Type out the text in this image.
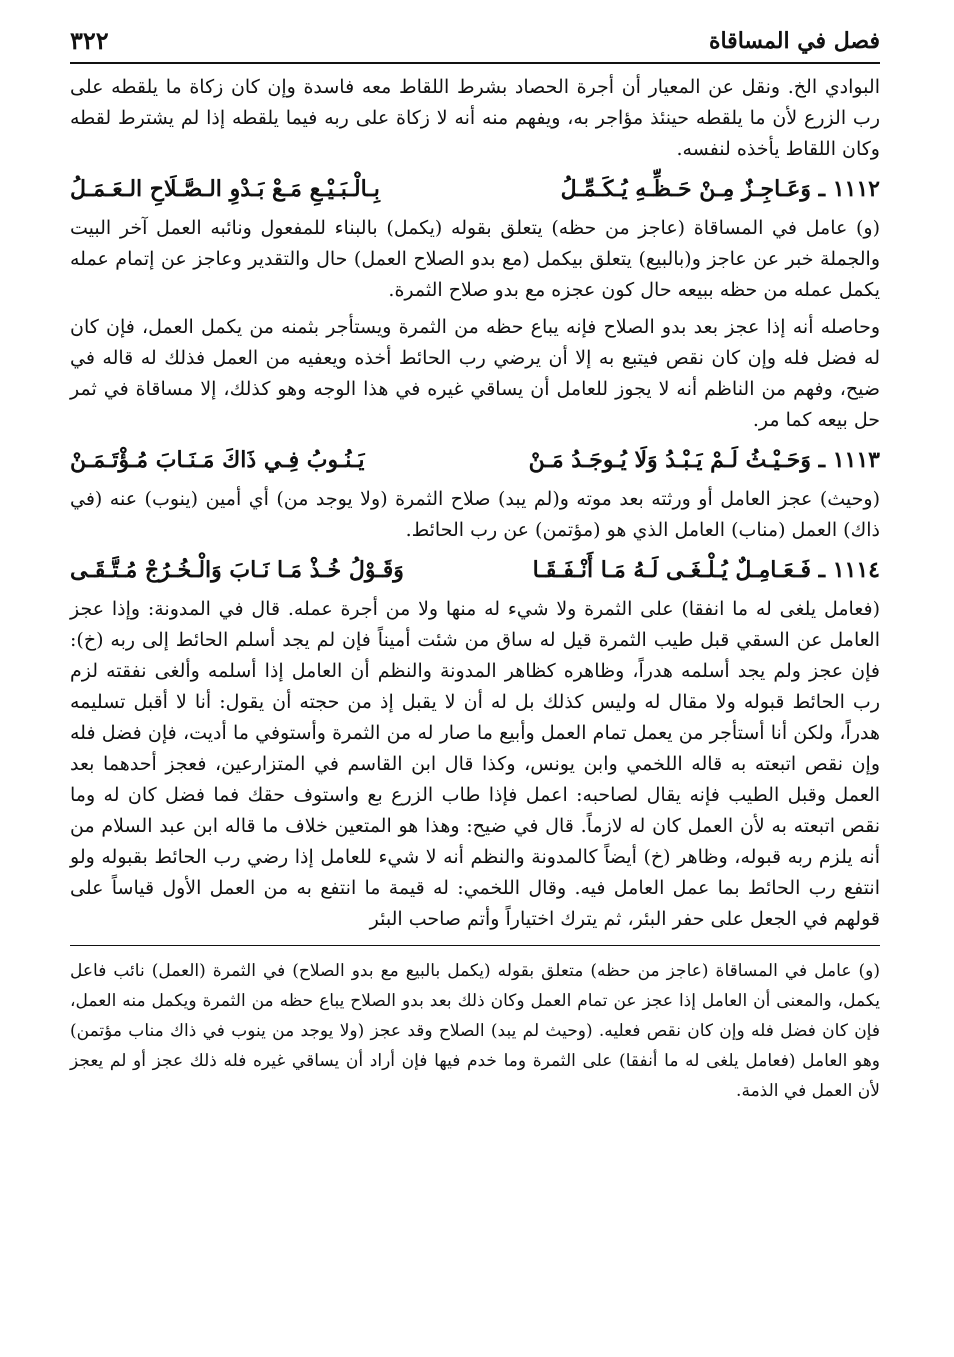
فصل في المساقاة
٣٢٢

البوادي الخ. ونقل عن المعيار أن أجرة الحصاد بشرط اللقاط معه فاسدة وإن كان زكاة ما يلقطه على رب الزرع لأن ما يلقطه حينئذ مؤاجر به، ويفهم منه أنه لا زكاة على ربه فيما يلقطه إذا لم يشترط لقطه وكان اللقاط يأخذه لنفسه.

١١١٢ ـ وَعَـاجِـزٌ مِـنْ حَـظِّـهِ يُـكَـمِّـلُ
بِـالْـبَـيْـعِ مَـعْ بَـدْوِ الـصَّـلَاحِ الـعَـمَـلُ

(و) عامل في المساقاة (عاجز من حظه) يتعلق بقوله (يكمل) بالبناء للمفعول ونائبه العمل آخر البيت والجملة خبر عن عاجز و(بالبيع) يتعلق بيكمل (مع بدو الصلاح العمل) حال والتقدير وعاجز عن إتمام عمله يكمل عمله من حظه ببيعه حال كون عجزه مع بدو صلاح الثمرة.

وحاصله أنه إذا عجز بعد بدو الصلاح فإنه يباع حظه من الثمرة ويستأجر بثمنه من يكمل العمل، فإن كان له فضل فله وإن كان نقص فيتبع به إلا أن يرضي رب الحائط أخذه ويعفيه من العمل فذلك له قاله في ضيح، وفهم من الناظم أنه لا يجوز للعامل أن يساقي غيره في هذا الوجه وهو كذلك، إلا مساقاة في ثمر حل بيعه كما مر.

١١١٣ ـ وَحَـيْـثُ لَـمْ يَـبْـدُ وَلَا يُـوجَـدُ مَـنْ
يَـنُـوبُ فِـي ذَاكَ مَـنَـابَ مُـؤْتَـمَـنْ

(وحيث) عجز العامل أو ورثته بعد موته و(لم يبد) صلاح الثمرة (ولا يوجد من) أي أمين (ينوب) عنه (في ذاك) العمل (مناب) العامل الذي هو (مؤتمن) عن رب الحائط.

١١١٤ ـ فَـعَـامِـلٌ يُـلْـغَـى لَـهُ مَـا أَنْـفَـقَـا
وَقَـوْلُ خُـذْ مَـا نَـابَ وَالْـخُـرُجْ مُـتَّـقَـى

(فعامل يلغى له ما انفقا) على الثمرة ولا شيء له منها ولا من أجرة عمله. قال في المدونة: وإذا عجز العامل عن السقي قبل طيب الثمرة قيل له ساق من شئت أميناً فإن لم يجد أسلم الحائط إلى ربه (خ): فإن عجز ولم يجد أسلمه هدراً، وظاهره كظاهر المدونة والنظم أن العامل إذا أسلمه وألغى نفقته لزم رب الحائط قبوله ولا مقال له وليس كذلك بل له أن لا يقبل إذ من حجته أن يقول: أنا لا أقبل تسليمه هدراً، ولكن أنا أستأجر من يعمل تمام العمل وأبيع ما صار له من الثمرة وأستوفي ما أديت، فإن فضل فله وإن نقص اتبعته به قاله اللخمي وابن يونس، وكذا قال ابن القاسم في المتزارعين، فعجز أحدهما بعد العمل وقبل الطيب فإنه يقال لصاحبه: اعمل فإذا طاب الزرع بع واستوف حقك فما فضل كان له وما نقص اتبعته به لأن العمل كان له لازماً. قال في ضيح: وهذا هو المتعين خلاف ما قاله ابن عبد السلام من أنه يلزم ربه قبوله، وظاهر (خ) أيضاً كالمدونة والنظم أنه لا شيء للعامل إذا رضي رب الحائط بقبوله ولو انتفع رب الحائط بما عمل العامل فيه. وقال اللخمي: له قيمة ما انتفع به من العمل الأول قياساً على قولهم في الجعل على حفر البئر، ثم يترك اختياراً وأتم صاحب البئر

(و) عامل في المساقاة (عاجز من حظه) متعلق بقوله (يكمل بالبيع مع بدو الصلاح) في الثمرة (العمل) نائب فاعل يكمل، والمعنى أن العامل إذا عجز عن تمام العمل وكان ذلك بعد بدو الصلاح يباع حظه من الثمرة ويكمل منه العمل، فإن كان فضل فله وإن كان نقص فعليه. (وحيث لم يبد) الصلاح وقد عجز (ولا يوجد من ينوب في ذاك مناب مؤتمن) وهو العامل (فعامل يلغى له ما أنفقا) على الثمرة وما خدم فيها فإن أراد أن يساقي غيره فله ذلك عجز أو لم يعجز لأن العمل في الذمة.
